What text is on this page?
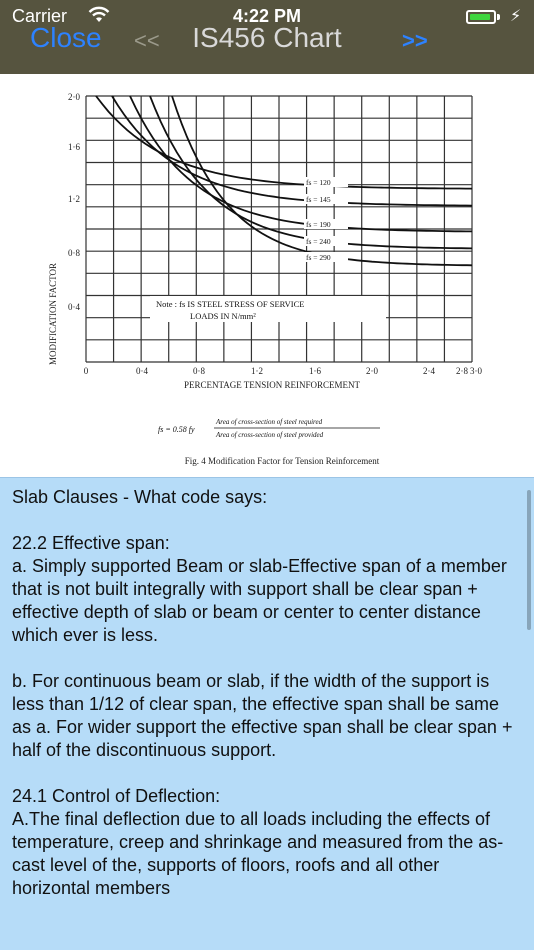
Carrier	4:22 PM	⚡
Close <<	IS456 Chart	>>
MODIFICATION FACTOR
2·0
1·6
1·2
0·8
0·4
0	0·4	0·8	1·2	1·6	2·0	2·4 2·8 3·0
PERCENTAGE TENSION REINFORCEMENT
fs = 120
fs = 145
fs = 190
fs = 240
fs = 290
Note : fs IS STEEL STRESS OF SERVICE
LOADS IN N/mm²
fs = 0.58 fy
Area of cross-section of steel required
Area of cross-section of steel provided
Fig. 4 Modification Factor for Tension Reinforcement

Slab Clauses - What code says:

22.2 Effective span:
a. Simply supported Beam or slab-Effective span of a member that is not built integrally with support shall be clear span + effective depth of slab or beam or center to center distance which ever is less.

b. For continuous beam or slab, if the width of the support is less than 1/12 of clear span, the effective span shall be same as a. For wider support the effective span shall be clear span + half of the discontinuous support.

24.1 Control of Deflection:
A.The final deflection due to all loads including the effects of temperature, creep and shrinkage and measured from the as-cast level of the, supports of floors, roofs and all other horizontal members
